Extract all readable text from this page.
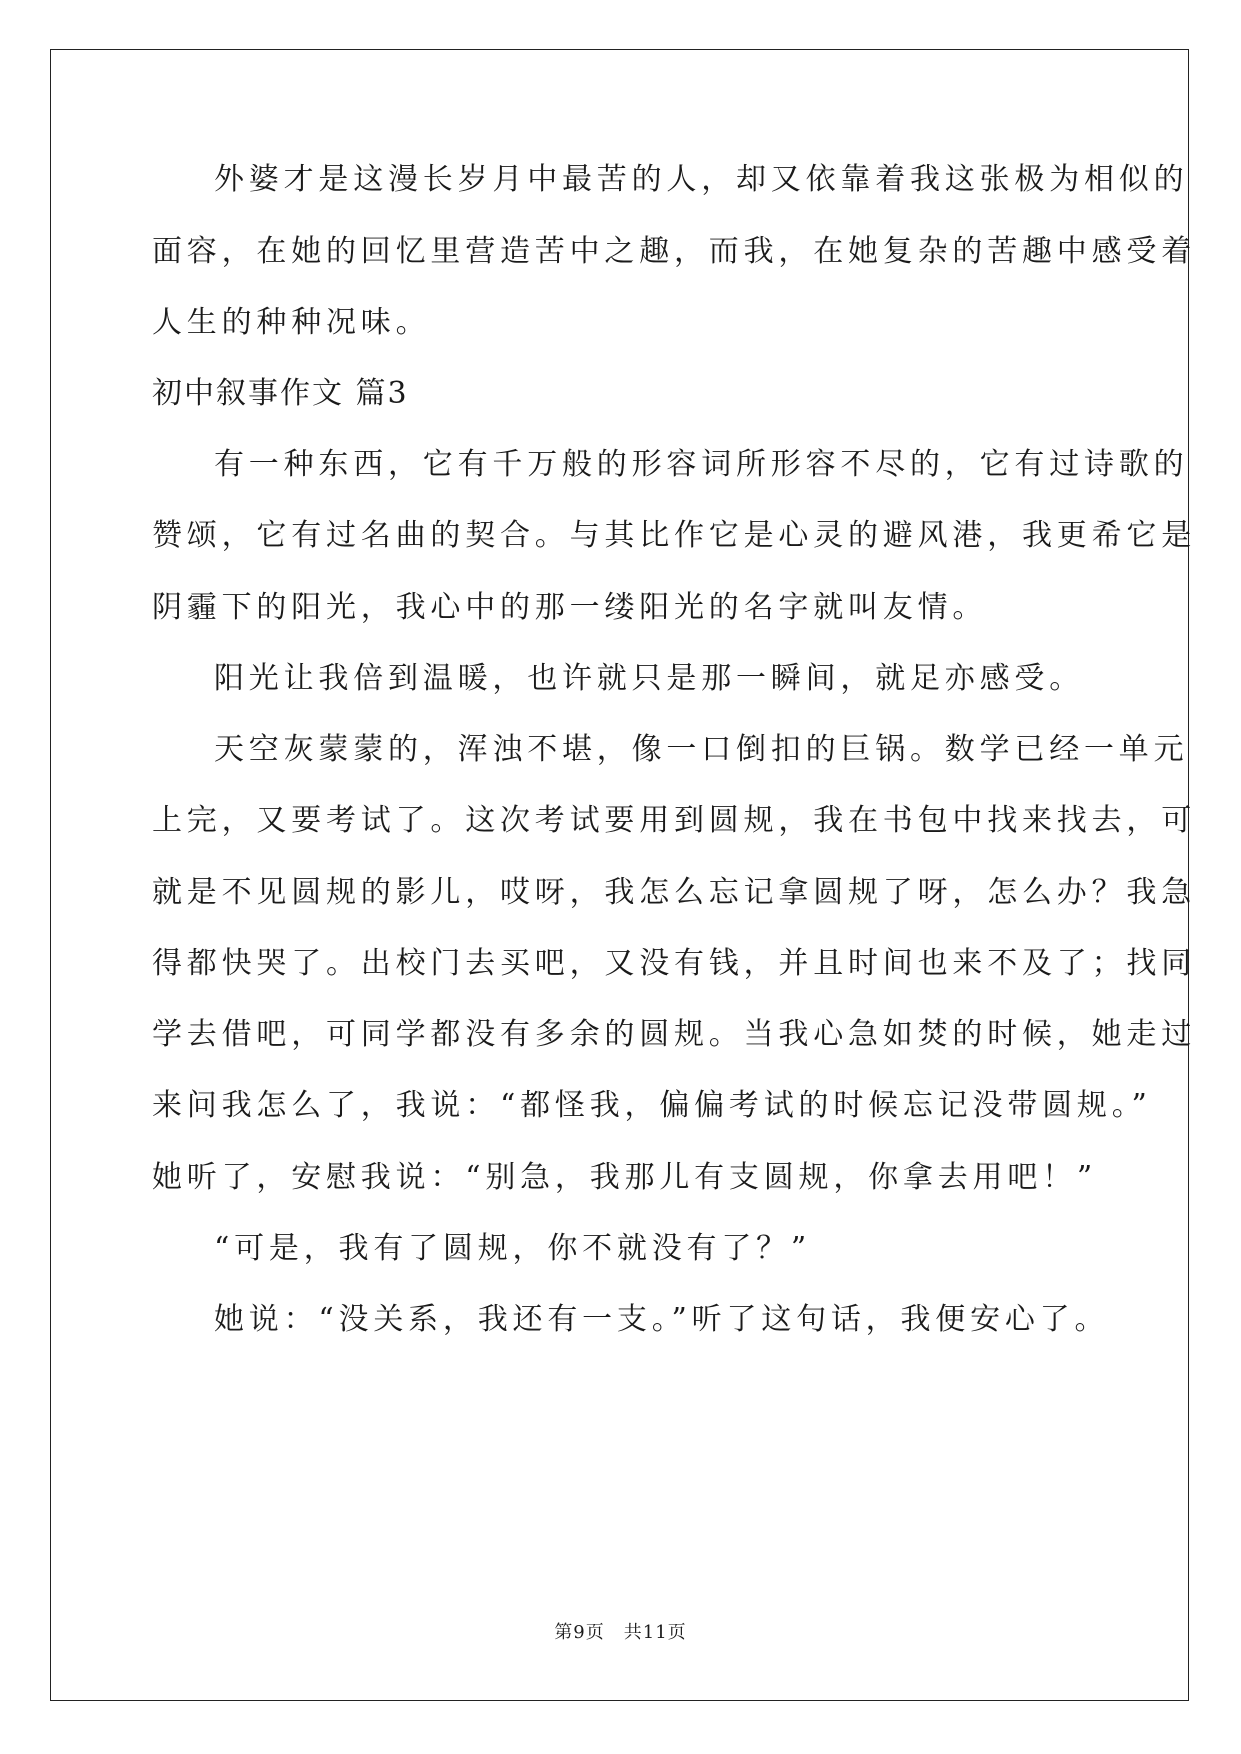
外婆才是这漫长岁月中最苦的人，却又依靠着我这张极为相似的
面容，在她的回忆里营造苦中之趣，而我，在她复杂的苦趣中感受着
人生的种种况味。
初中叙事作文 篇3
有一种东西，它有千万般的形容词所形容不尽的，它有过诗歌的
赞颂，它有过名曲的契合。与其比作它是心灵的避风港，我更希它是
阴霾下的阳光，我心中的那一缕阳光的名字就叫友情。
阳光让我倍到温暖，也许就只是那一瞬间，就足亦感受。
天空灰蒙蒙的，浑浊不堪，像一口倒扣的巨锅。数学已经一单元
上完，又要考试了。这次考试要用到圆规，我在书包中找来找去，可
就是不见圆规的影儿，哎呀，我怎么忘记拿圆规了呀，怎么办？我急
得都快哭了。出校门去买吧，又没有钱，并且时间也来不及了；找同
学去借吧，可同学都没有多余的圆规。当我心急如焚的时候，她走过
来问我怎么了，我说：“都怪我，偏偏考试的时候忘记没带圆规。”
她听了，安慰我说：“别急，我那儿有支圆规，你拿去用吧！”
“可是，我有了圆规，你不就没有了？”
她说：“没关系，我还有一支。”听了这句话，我便安心了。
第9页　共11页
